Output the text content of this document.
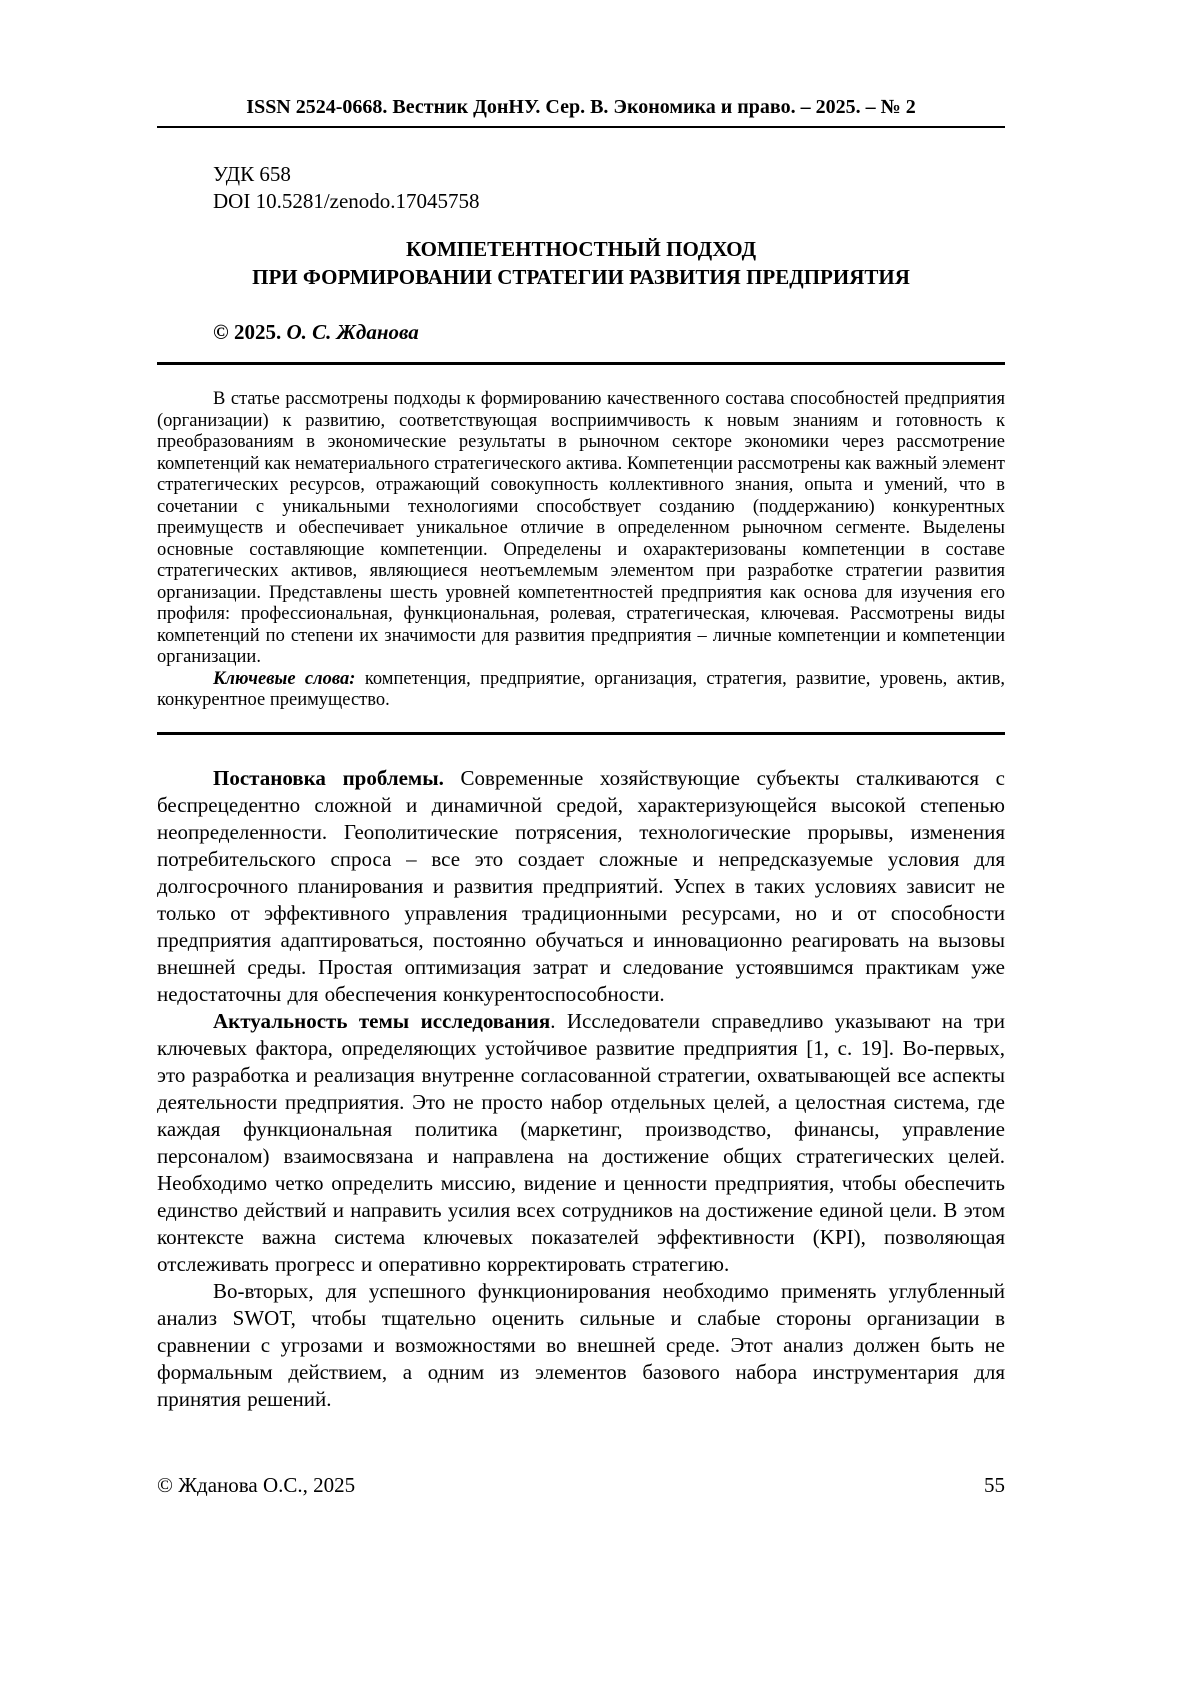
ISSN 2524-0668. Вестник ДонНУ. Сер. В. Экономика и право. – 2025. – № 2
УДК 658
DOI 10.5281/zenodo.17045758
КОМПЕТЕНТНОСТНЫЙ ПОДХОД
ПРИ ФОРМИРОВАНИИ СТРАТЕГИИ РАЗВИТИЯ ПРЕДПРИЯТИЯ
© 2025. О. С. Жданова

В статье рассмотрены подходы к формированию качественного состава способностей предприятия (организации) к развитию, соответствующая восприимчивость к новым знаниям и готовность к преобразованиям в экономические результаты в рыночном секторе экономики через рассмотрение компетенций как нематериального стратегического актива. Компетенции рассмотрены как важный элемент стратегических ресурсов, отражающий совокупность коллективного знания, опыта и умений, что в сочетании с уникальными технологиями способствует созданию (поддержанию) конкурентных преимуществ и обеспечивает уникальное отличие в определенном рыночном сегменте. Выделены основные составляющие компетенции. Определены и охарактеризованы компетенции в составе стратегических активов, являющиеся неотъемлемым элементом при разработке стратегии развития организации. Представлены шесть уровней компетентностей предприятия как основа для изучения его профиля: профессиональная, функциональная, ролевая, стратегическая, ключевая. Рассмотрены виды компетенций по степени их значимости для развития предприятия – личные компетенции и компетенции организации.

Ключевые слова: компетенция, предприятие, организация, стратегия, развитие, уровень, актив, конкурентное преимущество.

Постановка проблемы. Современные хозяйствующие субъекты сталкиваются с беспрецедентно сложной и динамичной средой, характеризующейся высокой степенью неопределенности. Геополитические потрясения, технологические прорывы, изменения потребительского спроса – все это создает сложные и непредсказуемые условия для долгосрочного планирования и развития предприятий. Успех в таких условиях зависит не только от эффективного управления традиционными ресурсами, но и от способности предприятия адаптироваться, постоянно обучаться и инновационно реагировать на вызовы внешней среды. Простая оптимизация затрат и следование устоявшимся практикам уже недостаточны для обеспечения конкурентоспособности.

Актуальность темы исследования. Исследователи справедливо указывают на три ключевых фактора, определяющих устойчивое развитие предприятия [1, с. 19]. Во-первых, это разработка и реализация внутренне согласованной стратегии, охватывающей все аспекты деятельности предприятия. Это не просто набор отдельных целей, а целостная система, где каждая функциональная политика (маркетинг, производство, финансы, управление персоналом) взаимосвязана и направлена на достижение общих стратегических целей. Необходимо четко определить миссию, видение и ценности предприятия, чтобы обеспечить единство действий и направить усилия всех сотрудников на достижение единой цели. В этом контексте важна система ключевых показателей эффективности (KPI), позволяющая отслеживать прогресс и оперативно корректировать стратегию.

Во-вторых, для успешного функционирования необходимо применять углубленный анализ SWOT, чтобы тщательно оценить сильные и слабые стороны организации в сравнении с угрозами и возможностями во внешней среде. Этот анализ должен быть не формальным действием, а одним из элементов базового набора инструментария для принятия решений.

© Жданова О.С., 2025	55
